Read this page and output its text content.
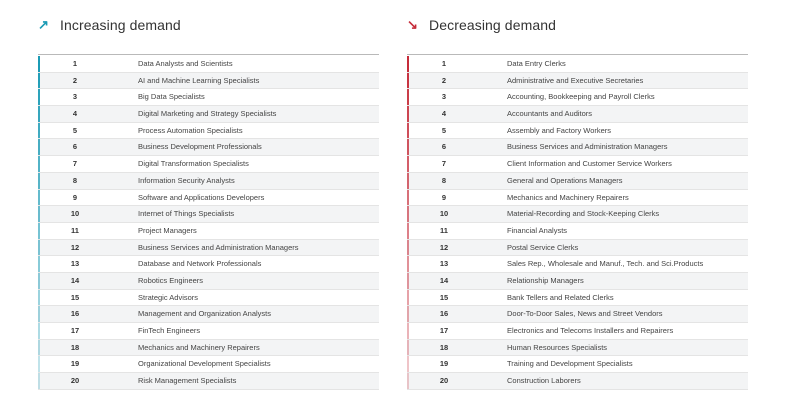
↗ Increasing demand
1	Data Analysts and Scientists
2	AI and Machine Learning Specialists
3	Big Data Specialists
4	Digital Marketing and Strategy Specialists
5	Process Automation Specialists
6	Business Development Professionals
7	Digital Transformation Specialists
8	Information Security Analysts
9	Software and Applications Developers
10	Internet of Things Specialists
11	Project Managers
12	Business Services and Administration Managers
13	Database and Network Professionals
14	Robotics Engineers
15	Strategic Advisors
16	Management and Organization Analysts
17	FinTech Engineers
18	Mechanics and Machinery Repairers
19	Organizational Development Specialists
20	Risk Management Specialists
↘ Decreasing demand
1	Data Entry Clerks
2	Administrative and Executive Secretaries
3	Accounting, Bookkeeping and Payroll Clerks
4	Accountants and Auditors
5	Assembly and Factory Workers
6	Business Services and Administration Managers
7	Client Information and Customer Service Workers
8	General and Operations Managers
9	Mechanics and Machinery Repairers
10	Material-Recording and Stock-Keeping Clerks
11	Financial Analysts
12	Postal Service Clerks
13	Sales Rep., Wholesale and Manuf., Tech. and Sci.Products
14	Relationship Managers
15	Bank Tellers and Related Clerks
16	Door-To-Door Sales, News and Street Vendors
17	Electronics and Telecoms Installers and Repairers
18	Human Resources Specialists
19	Training and Development Specialists
20	Construction Laborers
